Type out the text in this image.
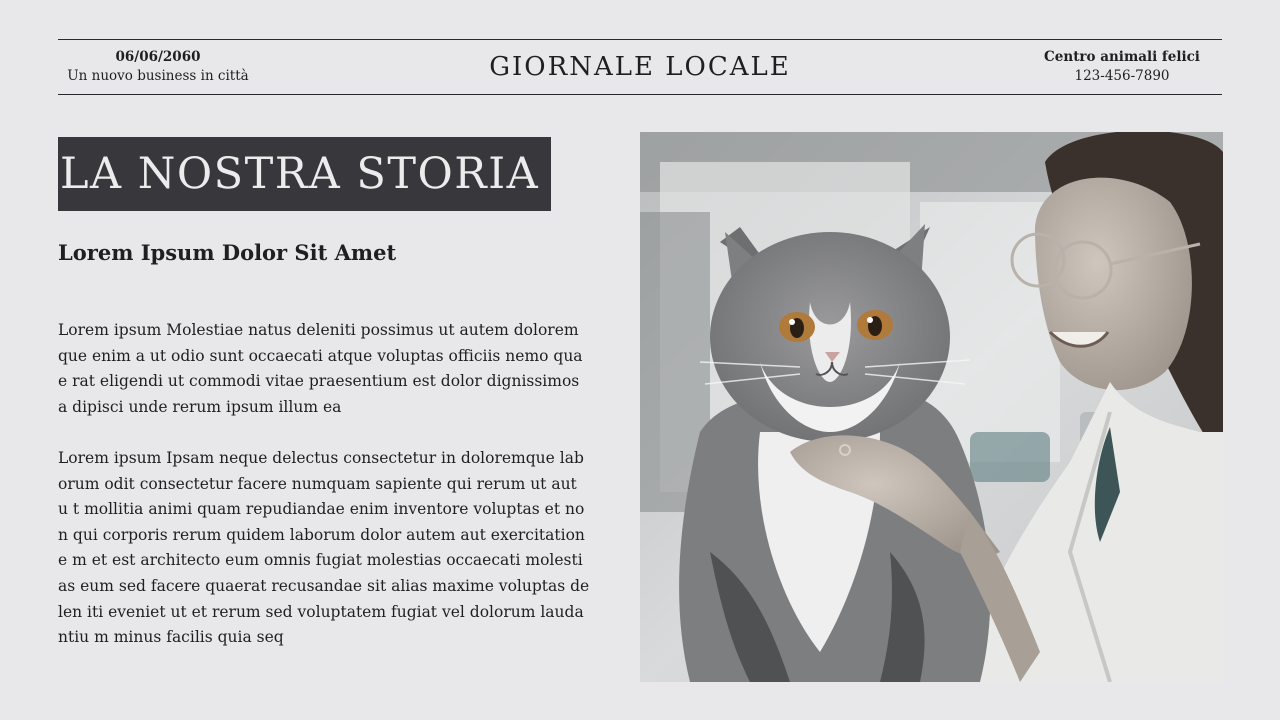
06/06/2060
Un nuovo business in città	GIORNALE LOCALE	Centro animali felici
123-456-7890
LA NOSTRA STORIA
Lorem Ipsum Dolor Sit Amet

Lorem ipsum Molestiae natus deleniti possimus ut autem dolorem que enim a ut odio sunt occaecati atque voluptas officiis nemo quae rat eligendi ut commodi vitae praesentium est dolor dignissimos a dipisci unde rerum ipsum illum ea

Lorem ipsum Ipsam neque delectus consectetur in doloremque lab orum odit consectetur facere numquam sapiente qui rerum ut aut u t mollitia animi quam repudiandae enim inventore voluptas et non qui corporis rerum quidem laborum dolor autem aut exercitatione m et est architecto eum omnis fugiat molestias occaecati molestias eum sed facere quaerat recusandae sit alias maxime voluptas delen iti eveniet ut et rerum sed voluptatem fugiat vel dolorum laudantiu m minus facilis quia seq
